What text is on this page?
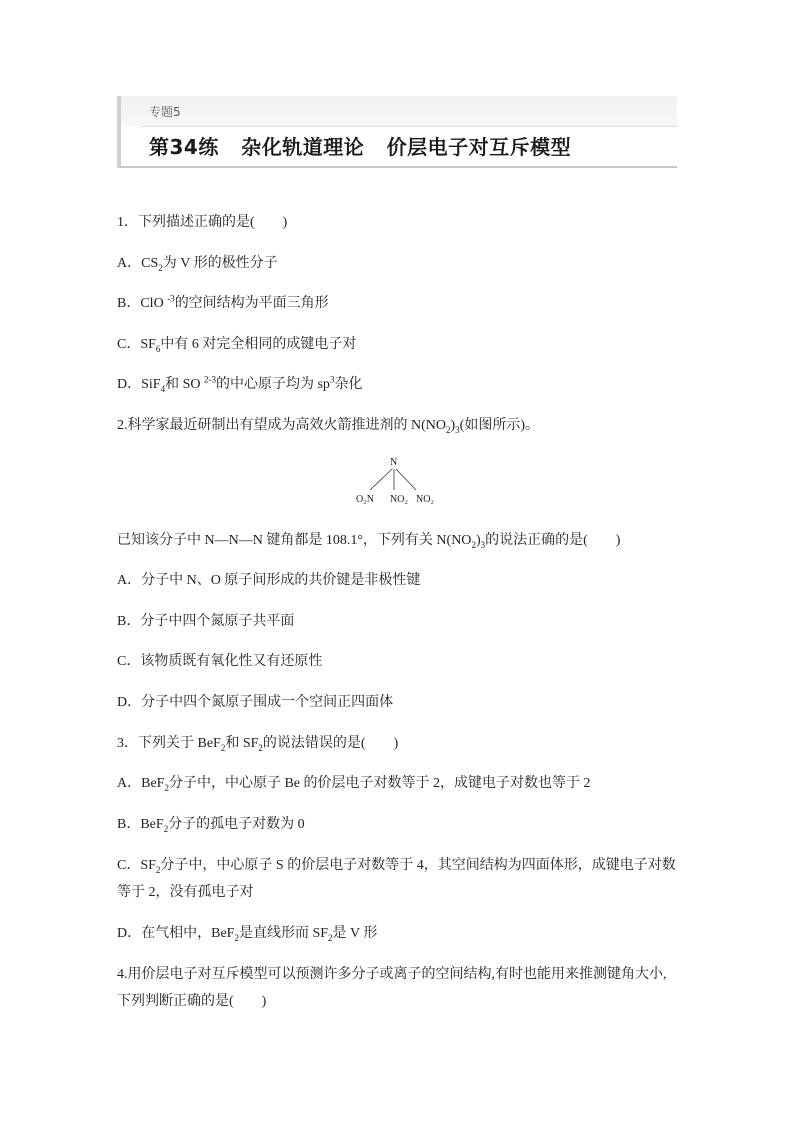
专题5
第34练   杂化轨道理论   价层电子对互斥模型
1．下列描述正确的是(　　)
A．$CS_2$为 V 形的极性分子
B．ClO $^{-3}$的空间结构为平面三角形
C．$SF_6$中有 6 对完全相同的成键电子对
D．SiF$_4$和 SO $^{2-3}$的中心原子均为 $sp^3$杂化
2.科学家最近研制出有望成为高效火箭推进剂的 $N(NO_2)_3$(如图所示)。
N
O₂N NO₂ NO₂
已知该分子中 N—N—N 键角都是 108.1°，下列有关 $N(NO_2)_3$的说法正确的是(　　)
A．分子中 N、O 原子间形成的共价键是非极性键
B．分子中四个氮原子共平面
C．该物质既有氧化性又有还原性
D．分子中四个氮原子围成一个空间正四面体
3．下列关于 BeF$_2$和 $SF_2$的说法错误的是(　　)
A．BeF$_2$分子中，中心原子 Be 的价层电子对数等于 2，成键电子对数也等于 2
B．BeF$_2$分子的孤电子对数为 0
C．$SF_2$分子中，中心原子 S 的价层电子对数等于 4，其空间结构为四面体形，成键电子对数
等于 2，没有孤电子对
D．在气相中，BeF$_2$是直线形而 $SF_2$是 V 形
4.用价层电子对互斥模型可以预测许多分子或离子的空间结构,有时也能用来推测键角大小,
下列判断正确的是(　　)
